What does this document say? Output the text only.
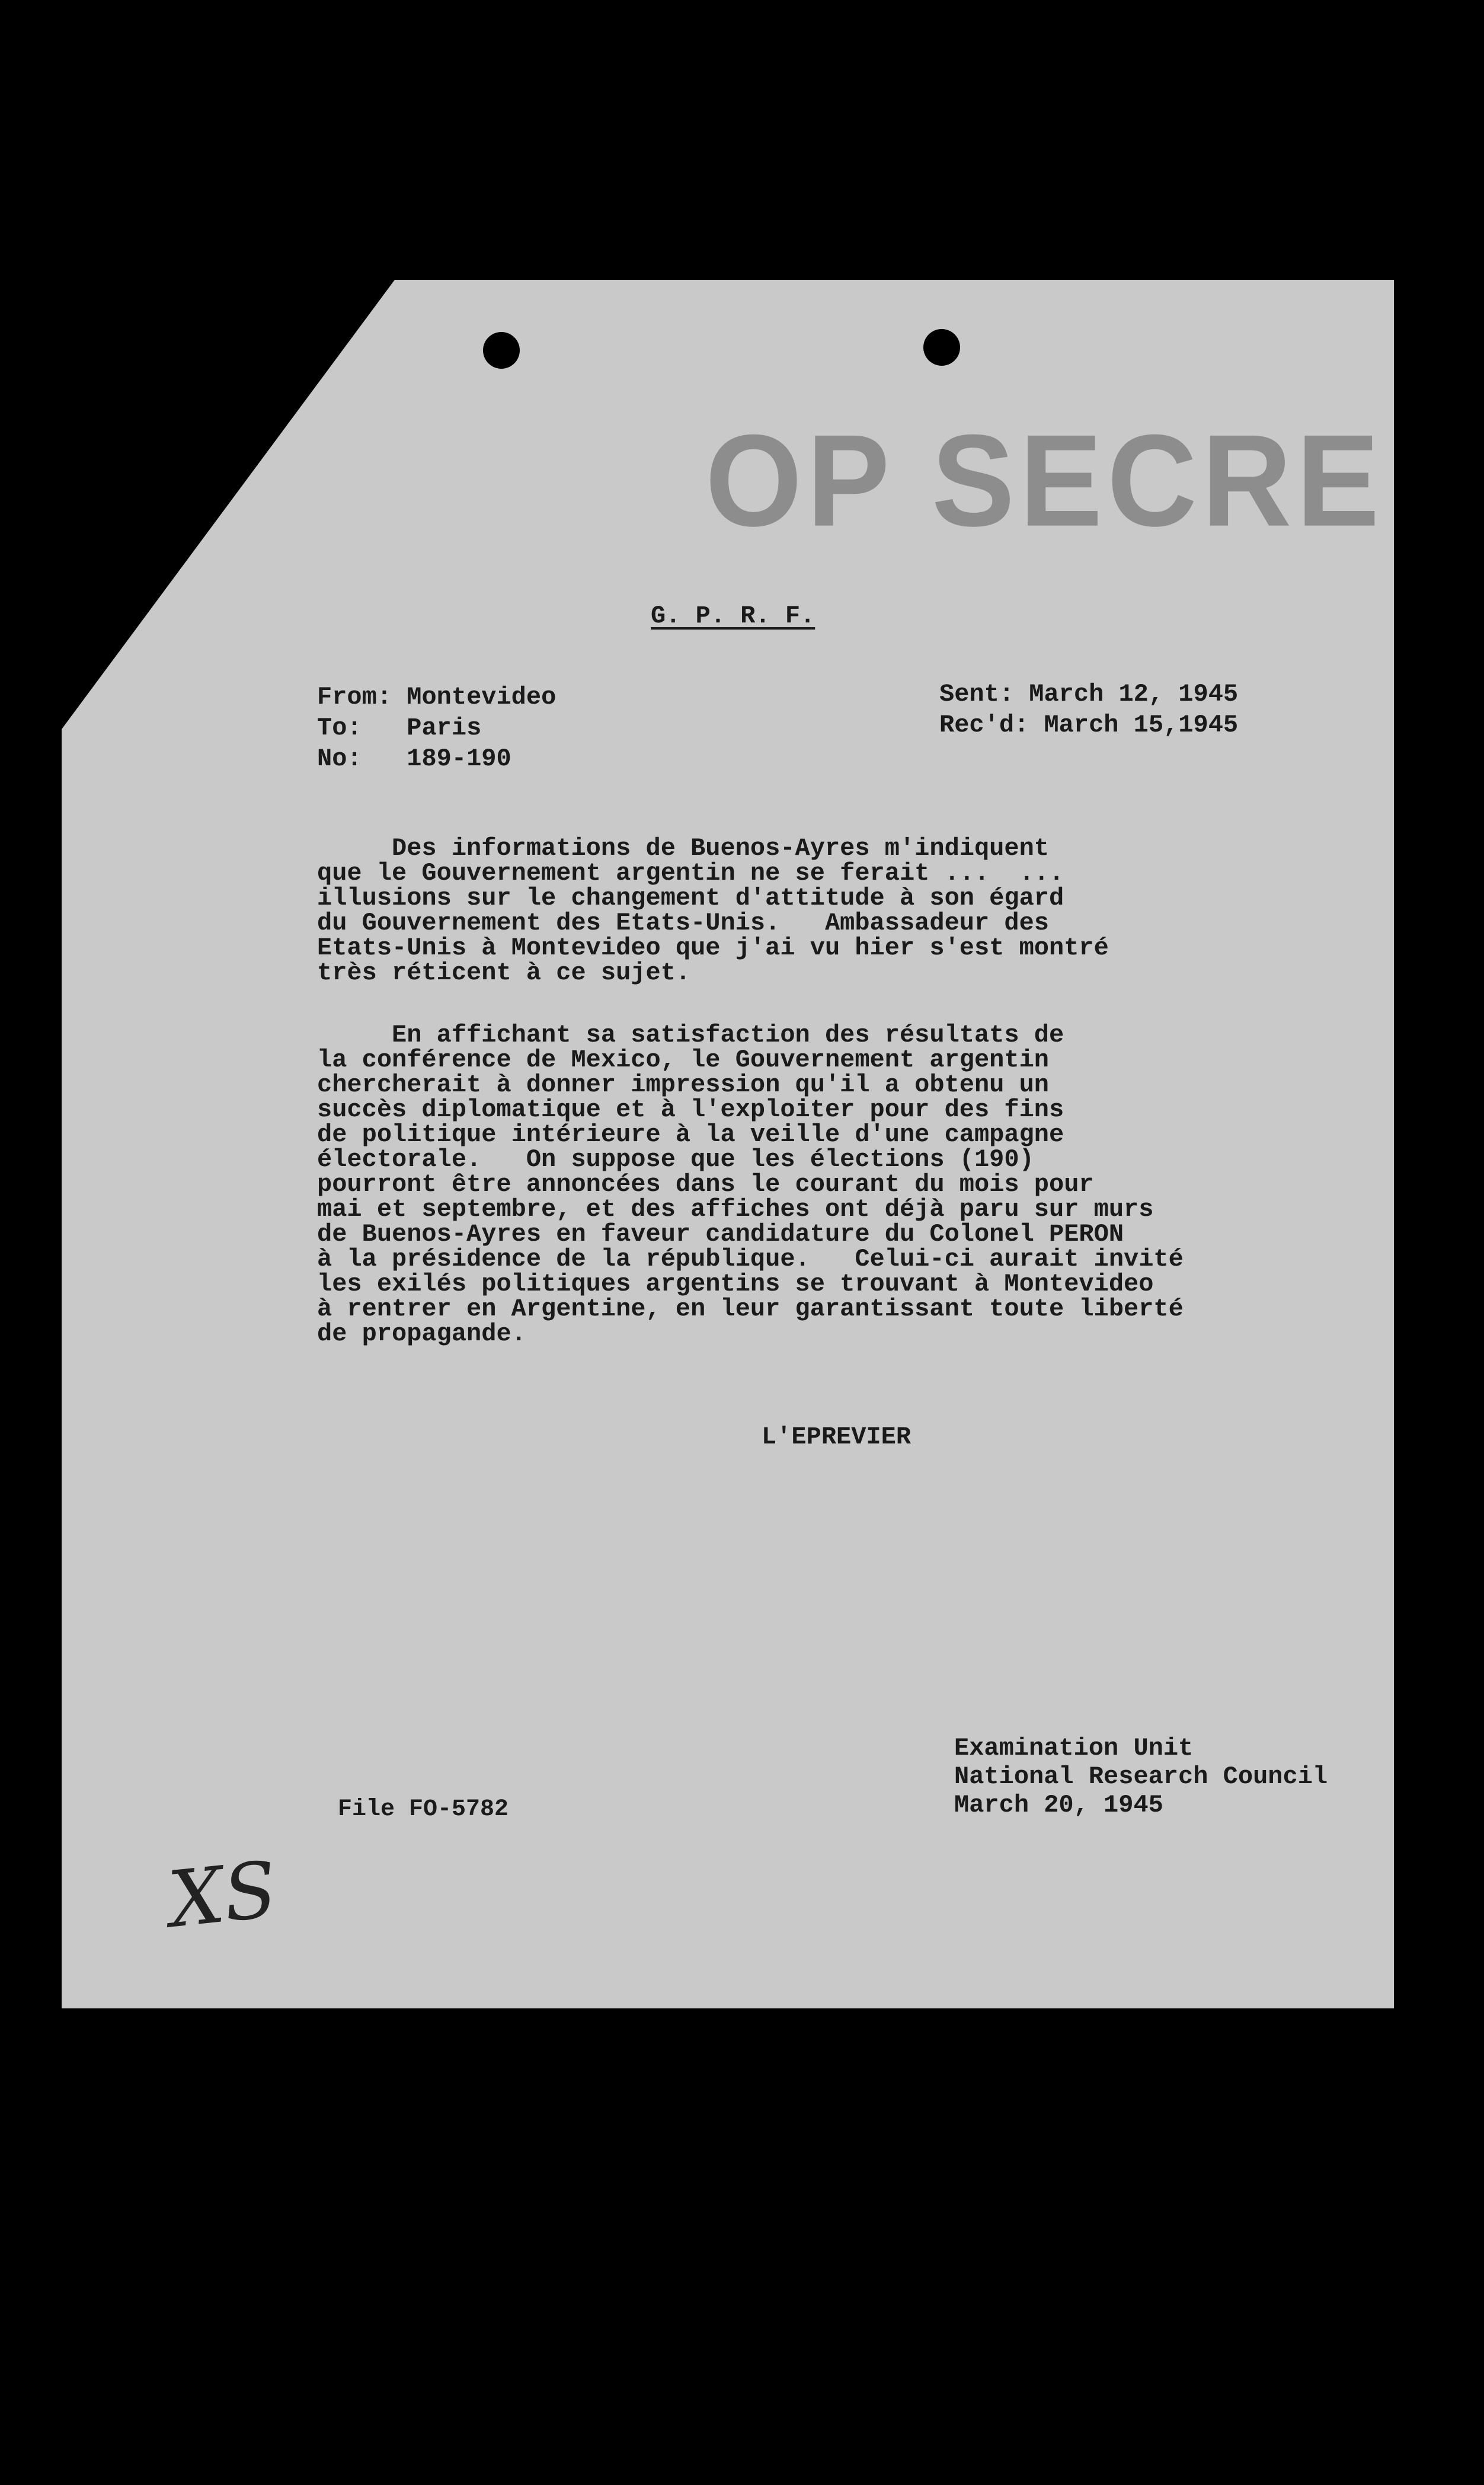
OP SECRE
G. P. R. F.
From: Montevideo
To: Paris
No: 189-190
Sent: March 12, 1945
Rec'd: March 15,1945
Des informations de Buenos-Ayres m'indiquent
que le Gouvernement argentin ne se ferait ...  ...
illusions sur le changement d'attitude à son égard
du Gouvernement des Etats-Unis.   Ambassadeur des
Etats-Unis à Montevideo que j'ai vu hier s'est montré
très réticent à ce sujet.
En affichant sa satisfaction des résultats de
la conférence de Mexico, le Gouvernement argentin
chercherait à donner impression qu'il a obtenu un
succès diplomatique et à l'exploiter pour des fins
de politique intérieure à la veille d'une campagne
électorale.   On suppose que les élections (190)
pourront être annoncées dans le courant du mois pour
mai et septembre, et des affiches ont déjà paru sur murs
de Buenos-Ayres en faveur candidature du Colonel PERON
à la présidence de la république.   Celui-ci aurait invité
les exilés politiques argentins se trouvant à Montevideo
à rentrer en Argentine, en leur garantissant toute liberté
de propagande.
L'EPREVIER
Examination Unit
National Research Council
March 20, 1945
File FO-5782
XS
